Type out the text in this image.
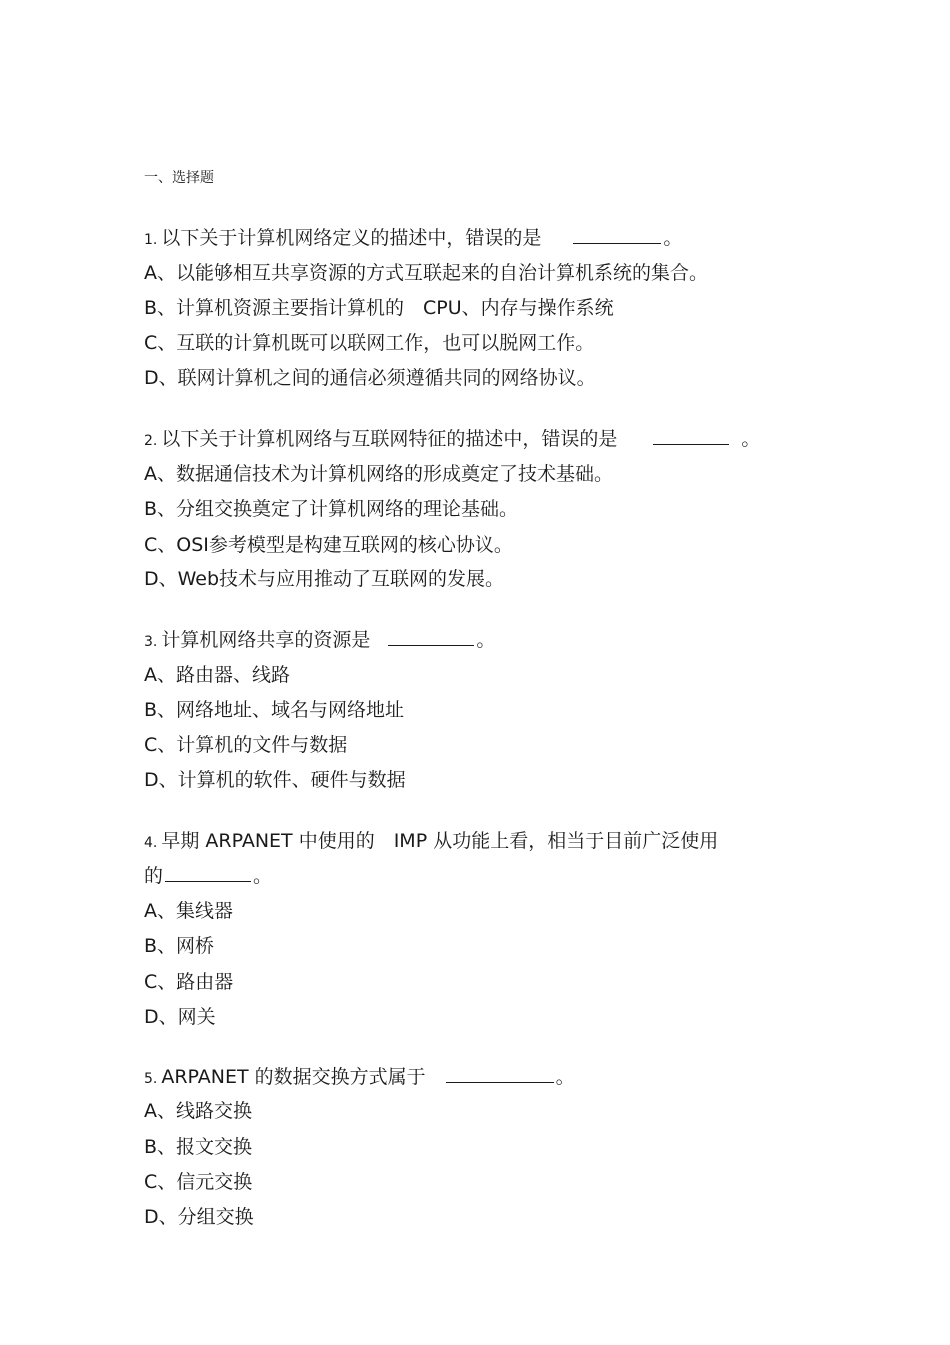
一、选择题
1. 以下关于计算机网络定义的描述中，错误的是	。
A、以能够相互共享资源的方式互联起来的自治计算机系统的集合。
B、计算机资源主要指计算机的　CPU、内存与操作系统
C、互联的计算机既可以联网工作，也可以脱网工作。
D、联网计算机之间的通信必须遵循共同的网络协议。
2. 以下关于计算机网络与互联网特征的描述中，错误的是	。
A、数据通信技术为计算机网络的形成奠定了技术基础。
B、分组交换奠定了计算机网络的理论基础。
C、OSI参考模型是构建互联网的核心协议。
D、Web技术与应用推动了互联网的发展。
3. 计算机网络共享的资源是	。
A、路由器、线路
B、网络地址、域名与网络地址
C、计算机的文件与数据
D、计算机的软件、硬件与数据
4. 早期 ARPANET 中使用的　IMP 从功能上看，相当于目前广泛使用
的	。
A、集线器
B、网桥
C、路由器
D、网关
5. ARPANET 的数据交换方式属于	。
A、线路交换
B、报文交换
C、信元交换
D、分组交换
